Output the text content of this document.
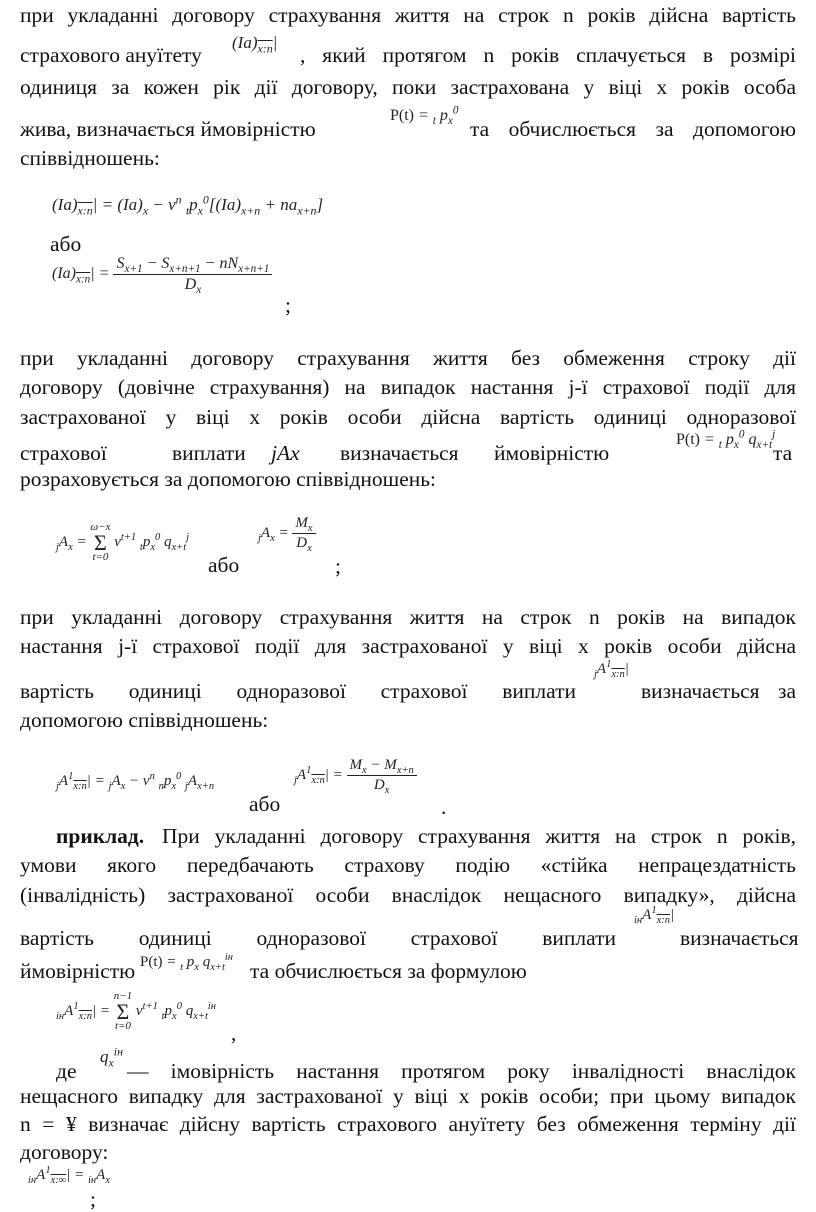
при укладанні договору страхування життя на строк n років дійсна вартість
страхового ануїтету
$(Ia)_{x:n}|$
, який протягом n років сплачується в розмірі
одиниця за кожен рік дії договору, поки застрахована у віці x років особа
жива, визначається ймовірністю
P(t) = $_t$ $p_x^0$
та обчислюється за допомогою
співвідношень:
$(Ia)_{x:n}| = (Ia)_x - v^n$ $_tp_x^0[(Ia)_{x+n} + na_{x+n}]$
або
$(Ia)_{x:n}| = \frac{S_{x+1} - S_{x+n+1} - nN_{x+n+1}}{D_x}$
;
при укладанні договору страхування життя без обмеження строку дії
договору (довічне страхування) на випадок настання j-ї страхової події для
застрахованої у віці x років особи дійсна вартість одиниці одноразової
страхової	виплати jAx визначається ймовірністю
P(t) = $_t$ $p_x^0$ $q_{x+t}^j$
та
розраховується за допомогою співвідношень:
$_jA_x$ =
ω−x
Σ
t=0
$v^{t+1}$ $_tp_x^0$ $q_{x+t}^j$
або
$_jA_x = \frac{M_x}{D_x}$
;
при укладанні договору страхування життя на строк n років на випадок
настання j-ї страхової події для застрахованої у віці x років особи дійсна
вартість одиниці одноразової страхової виплати
$_jA^1_{x:n}|$
визначається за
допомогою співвідношень:
$_jA^1_{x:n}| = _jA_x - v^n$ $_np_x^0$ $_jA_{x+n}$
або
$_jA^1_{x:n}| = \frac{M_x - M_{x+n}}{D_x}$
.
приклад. При укладанні договору страхування життя на строк n років,
умови якого передбачають страхову подію «стійка непрацездатність
(інвалідність) застрахованої особи внаслідок нещасного випадку», дійсна
вартість одиниці одноразової страхової виплати
$_{ін}A^1_{x:n}|$
визначається
ймовірністю P(t) = $_t$ $p_x$ $q_{x+t}^{ін}$
та обчислюється за формулою
$_{ін}A^1_{x:n}|$ =
n−1
Σ
t=0
$v^{t+1}$ $_tp_x^0$ $q_{x+t}^{ін}$
,
де
$q_x^{ін}$
— імовірність настання протягом року інвалідності внаслідок
нещасного випадку для застрахованої у віці x років особи; при цьому випадок
n = ¥ визначає дійсну вартість страхового ануїтету без обмеження терміну дії
договору:
$_{ін}A^1_{x:\infty}| = _{ін}A_x$
;
